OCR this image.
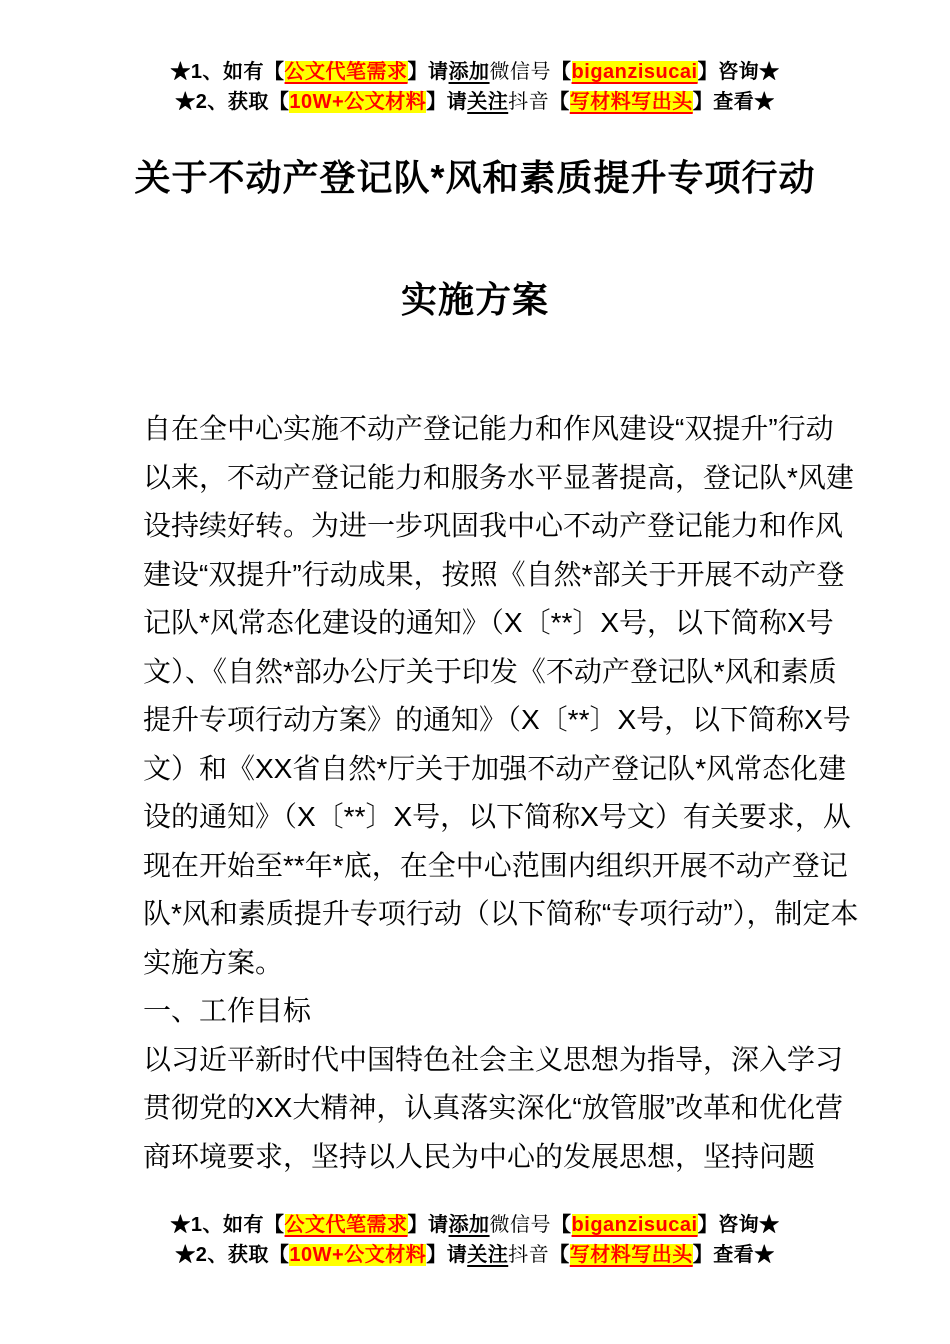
★1、如有【公文代笔需求】请添加微信号【biganzisucai】咨询★
★2、获取【10W+公文材料】请关注抖音【写材料写出头】查看★
关于不动产登记队*风和素质提升专项行动
实施方案

自在全中心实施不动产登记能力和作风建设“双提升”行动以来，不动产登记能力和服务水平显著提高，登记队*风建设持续好转。为进一步巩固我中心不动产登记能力和作风建设“双提升”行动成果，按照《自然*部关于开展不动产登记队*风常态化建设的通知》（X〔**〕X号，以下简称X号文）、《自然*部办公厅关于印发《不动产登记队*风和素质提升专项行动方案》的通知》（X〔**〕X号，以下简称X号文）和《XX省自然*厅关于加强不动产登记队*风常态化建设的通知》（X〔**〕X号，以下简称X号文）有关要求，从现在开始至**年*底，在全中心范围内组织开展不动产登记队*风和素质提升专项行动（以下简称“专项行动”），制定本实施方案。

一、工作目标

以习近平新时代中国特色社会主义思想为指导，深入学习贯彻党的XX大精神，认真落实深化“放管服”改革和优化营商环境要求，坚持以人民为中心的发展思想，坚持问题

★1、如有【公文代笔需求】请添加微信号【biganzisucai】咨询★
★2、获取【10W+公文材料】请关注抖音【写材料写出头】查看★
